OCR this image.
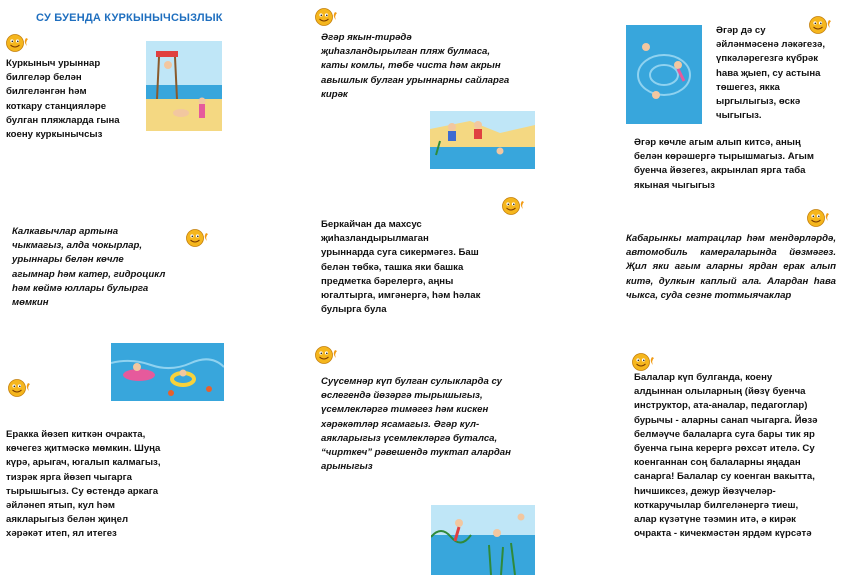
СУ БУЕНДА КУРКЫНЫЧСЫЗЛЫК
Куркыныч урыннар
билгеләр белән
билгеләнгән һәм
коткару станцияләре
булган пляжларда гына
коену куркынычсыз
Калкавычлар артына
чыкмагыз, алда чокырлар,
урыннары белән көчле
агымнар һәм катер, гидроцикл
һәм көймә юллары булырга
мөмкин
Еракка йөзеп киткән очракта,
көчегез җитмәскә мөмкин. Шуңа
күрә, арыгач, югалып калмагыз,
тизрәк ярга йөзеп чыгарга
тырышыгыз. Су өстендә аркага
әйләнеп ятып, кул һәм
аякларыгыз белән җиңел
хәрәкәт итеп, ял итегез
Әгәр якын-тирәдә
җиһазландырылган пляж булмаса,
каты комлы, төбе чиста һәм акрын
авышлык булган урыннарны сайларга
кирәк
Беркайчан да махсус
җиһазландырылмаган
урыннарда суга сикермәгез. Баш
белән төбкә, ташка яки башка
предметка бәрелергә, аңны
югалтырга, имгәнергә, һәм һәлак
булырга була
Суүсемнәр күп булган сулыкларда су
өслегендә йөзәргә тырышыгыз,
үсемлекләргә тимәгез һәм кискен
хәрәкәтләр ясамагыз. Әгәр кул-
аякларыгыз үсемлекләргә буталса,
“чирткеч” рәвешендә туктап алардан
арыныгыз
Әгәр дә су
әйләнмәсенә ләкәгезә,
үпкәләрегезгә күбрәк
һава җыеп, су астына
төшегез, якка
ыргылыгыз, өскә
чыгыгыз.
Әгәр көчле агым алып китсә, аның
белән көрәшергә тырышмагыз. Агым
буенча йөзегез, акрынлап ярга таба
якыная чыгыгыз
Кабарынкы матрацлар һәм мендәрләрдә, автомобиль камераларында йөзмәгез. Җил яки агым аларны ярдан ерак алып китә, дулкын каплый ала. Алардан һава чыкса, суда сезне тотмыячаклар
Балалар күп булганда, коену
алдыннан олыларның (йөзү буенча
инструктор, ата-аналар, педагоглар)
бурычы - аларны санап чыгарга. Йөзә
белмәүче балаларга суга бары тик яр
буенча гына керергә рөхсәт ителә. Су
коенганнан соң балаларны яңадан
санарга! Балалар су коенган вакытта,
һичшиксез, дежур йөзүчеләр-
коткаручылар билгеләнергә тиеш,
алар күзәтүне тәэмин итә, ә кирәк
очракта - кичекмәстән ярдәм күрсәтә
